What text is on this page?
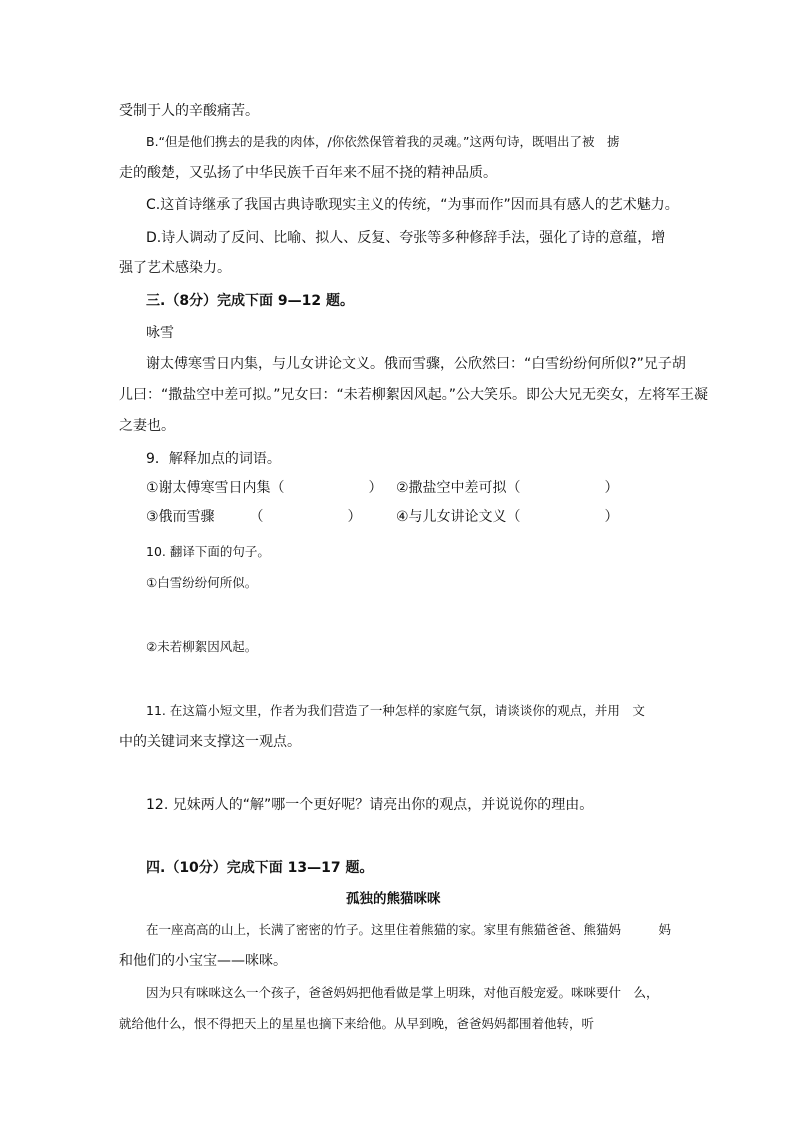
受制于人的辛酸痛苦。
B.“但是他们携去的是我的肉体，/你依然保管着我的灵魂。”这两句诗，既唱出了被　掳
走的酸楚，又弘扬了中华民族千百年来不屈不挠的精神品质。
C.这首诗继承了我国古典诗歌现实主义的传统，“为事而作”因而具有感人的艺术魅力。
D.诗人调动了反问、比喻、拟人、反复、夸张等多种修辞手法，强化了诗的意蕴，增
强了艺术感染力。
三.（8分）完成下面 9—12 题。
咏雪
谢太傅寒雪日内集，与儿女讲论文义。俄而雪骤，公欣然曰：“白雪纷纷何所似?”兄子胡
儿曰：“撒盐空中差可拟。”兄女曰：“未若柳絮因风起。”公大笑乐。即公大兄无奕女，左将军王凝
之妻也。
9．解释加点的词语。
①谢太傅寒雪日内集（　　　　　　） ②撒盐空中差可拟（　　　　　　）
③俄而雪骤　　　（　　　　　　） ④与儿女讲论文义（　　　　　　）
10. 翻译下面的句子。
①白雪纷纷何所似。
②未若柳絮因风起。
11. 在这篇小短文里，作者为我们营造了一种怎样的家庭气氛，请谈谈你的观点，并用　文
中的关键词来支撑这一观点。
12. 兄妹两人的“解”哪一个更好呢？请亮出你的观点，并说说你的理由。
四.（10分）完成下面 13—17 题。
孤独的熊猫咪咪
在一座高高的山上，长满了密密的竹子。这里住着熊猫的家。家里有熊猫爸爸、熊猫妈　　　妈
和他们的小宝宝——咪咪。
因为只有咪咪这么一个孩子，爸爸妈妈把他看做是掌上明珠，对他百般宠爱。咪咪要什　么，
就给他什么，恨不得把天上的星星也摘下来给他。从早到晚，爸爸妈妈都围着他转，听
